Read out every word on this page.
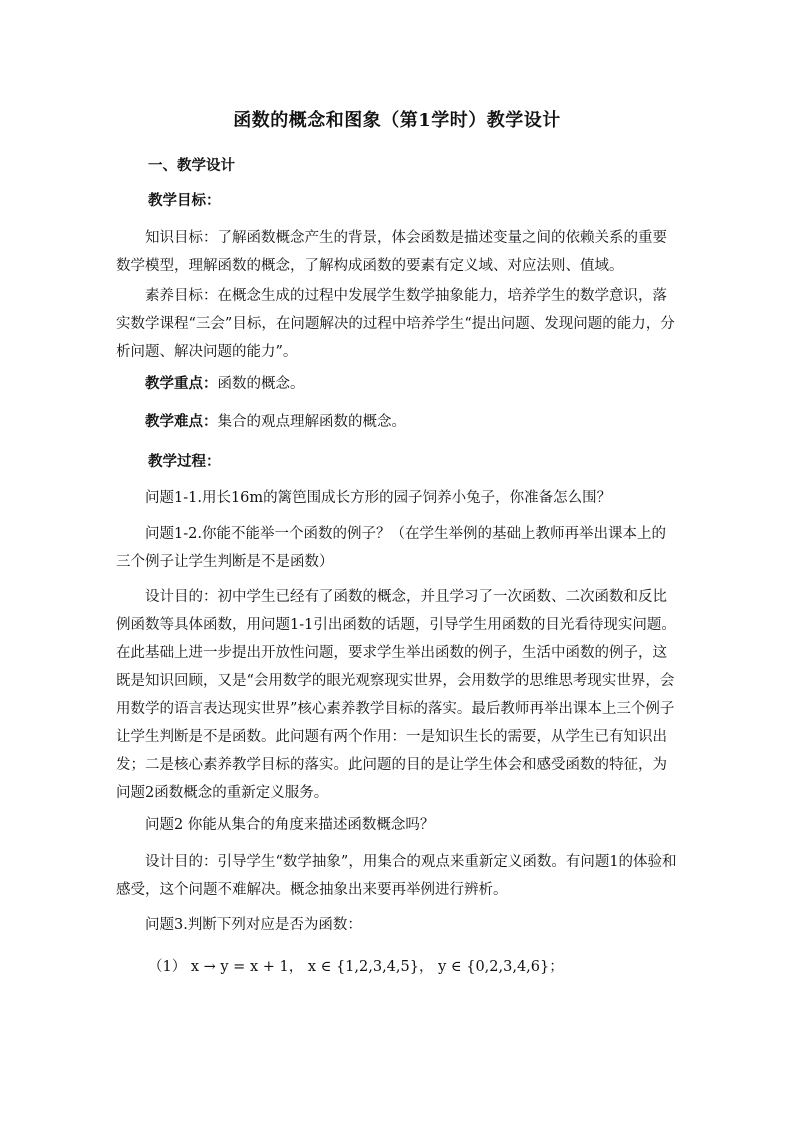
函数的概念和图象（第1学时）教学设计
一、教学设计
教学目标：
知识目标：了解函数概念产生的背景，体会函数是描述变量之间的依赖关系的重要数学模型，理解函数的概念，了解构成函数的要素有定义域、对应法则、值域。
素养目标：在概念生成的过程中发展学生数学抽象能力，培养学生的数学意识，落实数学课程“三会”目标，在问题解决的过程中培养学生“提出问题、发现问题的能力，分析问题、解决问题的能力”。
教学重点：函数的概念。
教学难点：集合的观点理解函数的概念。
教学过程：
问题1-1.用长16m的篱笆围成长方形的园子饲养小兔子，你准备怎么围？
问题1-2.你能不能举一个函数的例子？（在学生举例的基础上教师再举出课本上的三个例子让学生判断是不是函数）
设计目的：初中学生已经有了函数的概念，并且学习了一次函数、二次函数和反比例函数等具体函数，用问题1-1引出函数的话题，引导学生用函数的目光看待现实问题。在此基础上进一步提出开放性问题，要求学生举出函数的例子，生活中函数的例子，这既是知识回顾，又是“会用数学的眼光观察现实世界，会用数学的思维思考现实世界，会用数学的语言表达现实世界”核心素养教学目标的落实。最后教师再举出课本上三个例子让学生判断是不是函数。此问题有两个作用：一是知识生长的需要，从学生已有知识出发；二是核心素养教学目标的落实。此问题的目的是让学生体会和感受函数的特征，为问题2函数概念的重新定义服务。
问题2 你能从集合的角度来描述函数概念吗？
设计目的：引导学生“数学抽象”，用集合的观点来重新定义函数。有问题1的体验和感受，这个问题不难解决。概念抽象出来要再举例进行辨析。
问题3.判断下列对应是否为函数：
（1） x → y = x + 1， x ∈ {1,2,3,4,5}， y ∈ {0,2,3,4,6}；
